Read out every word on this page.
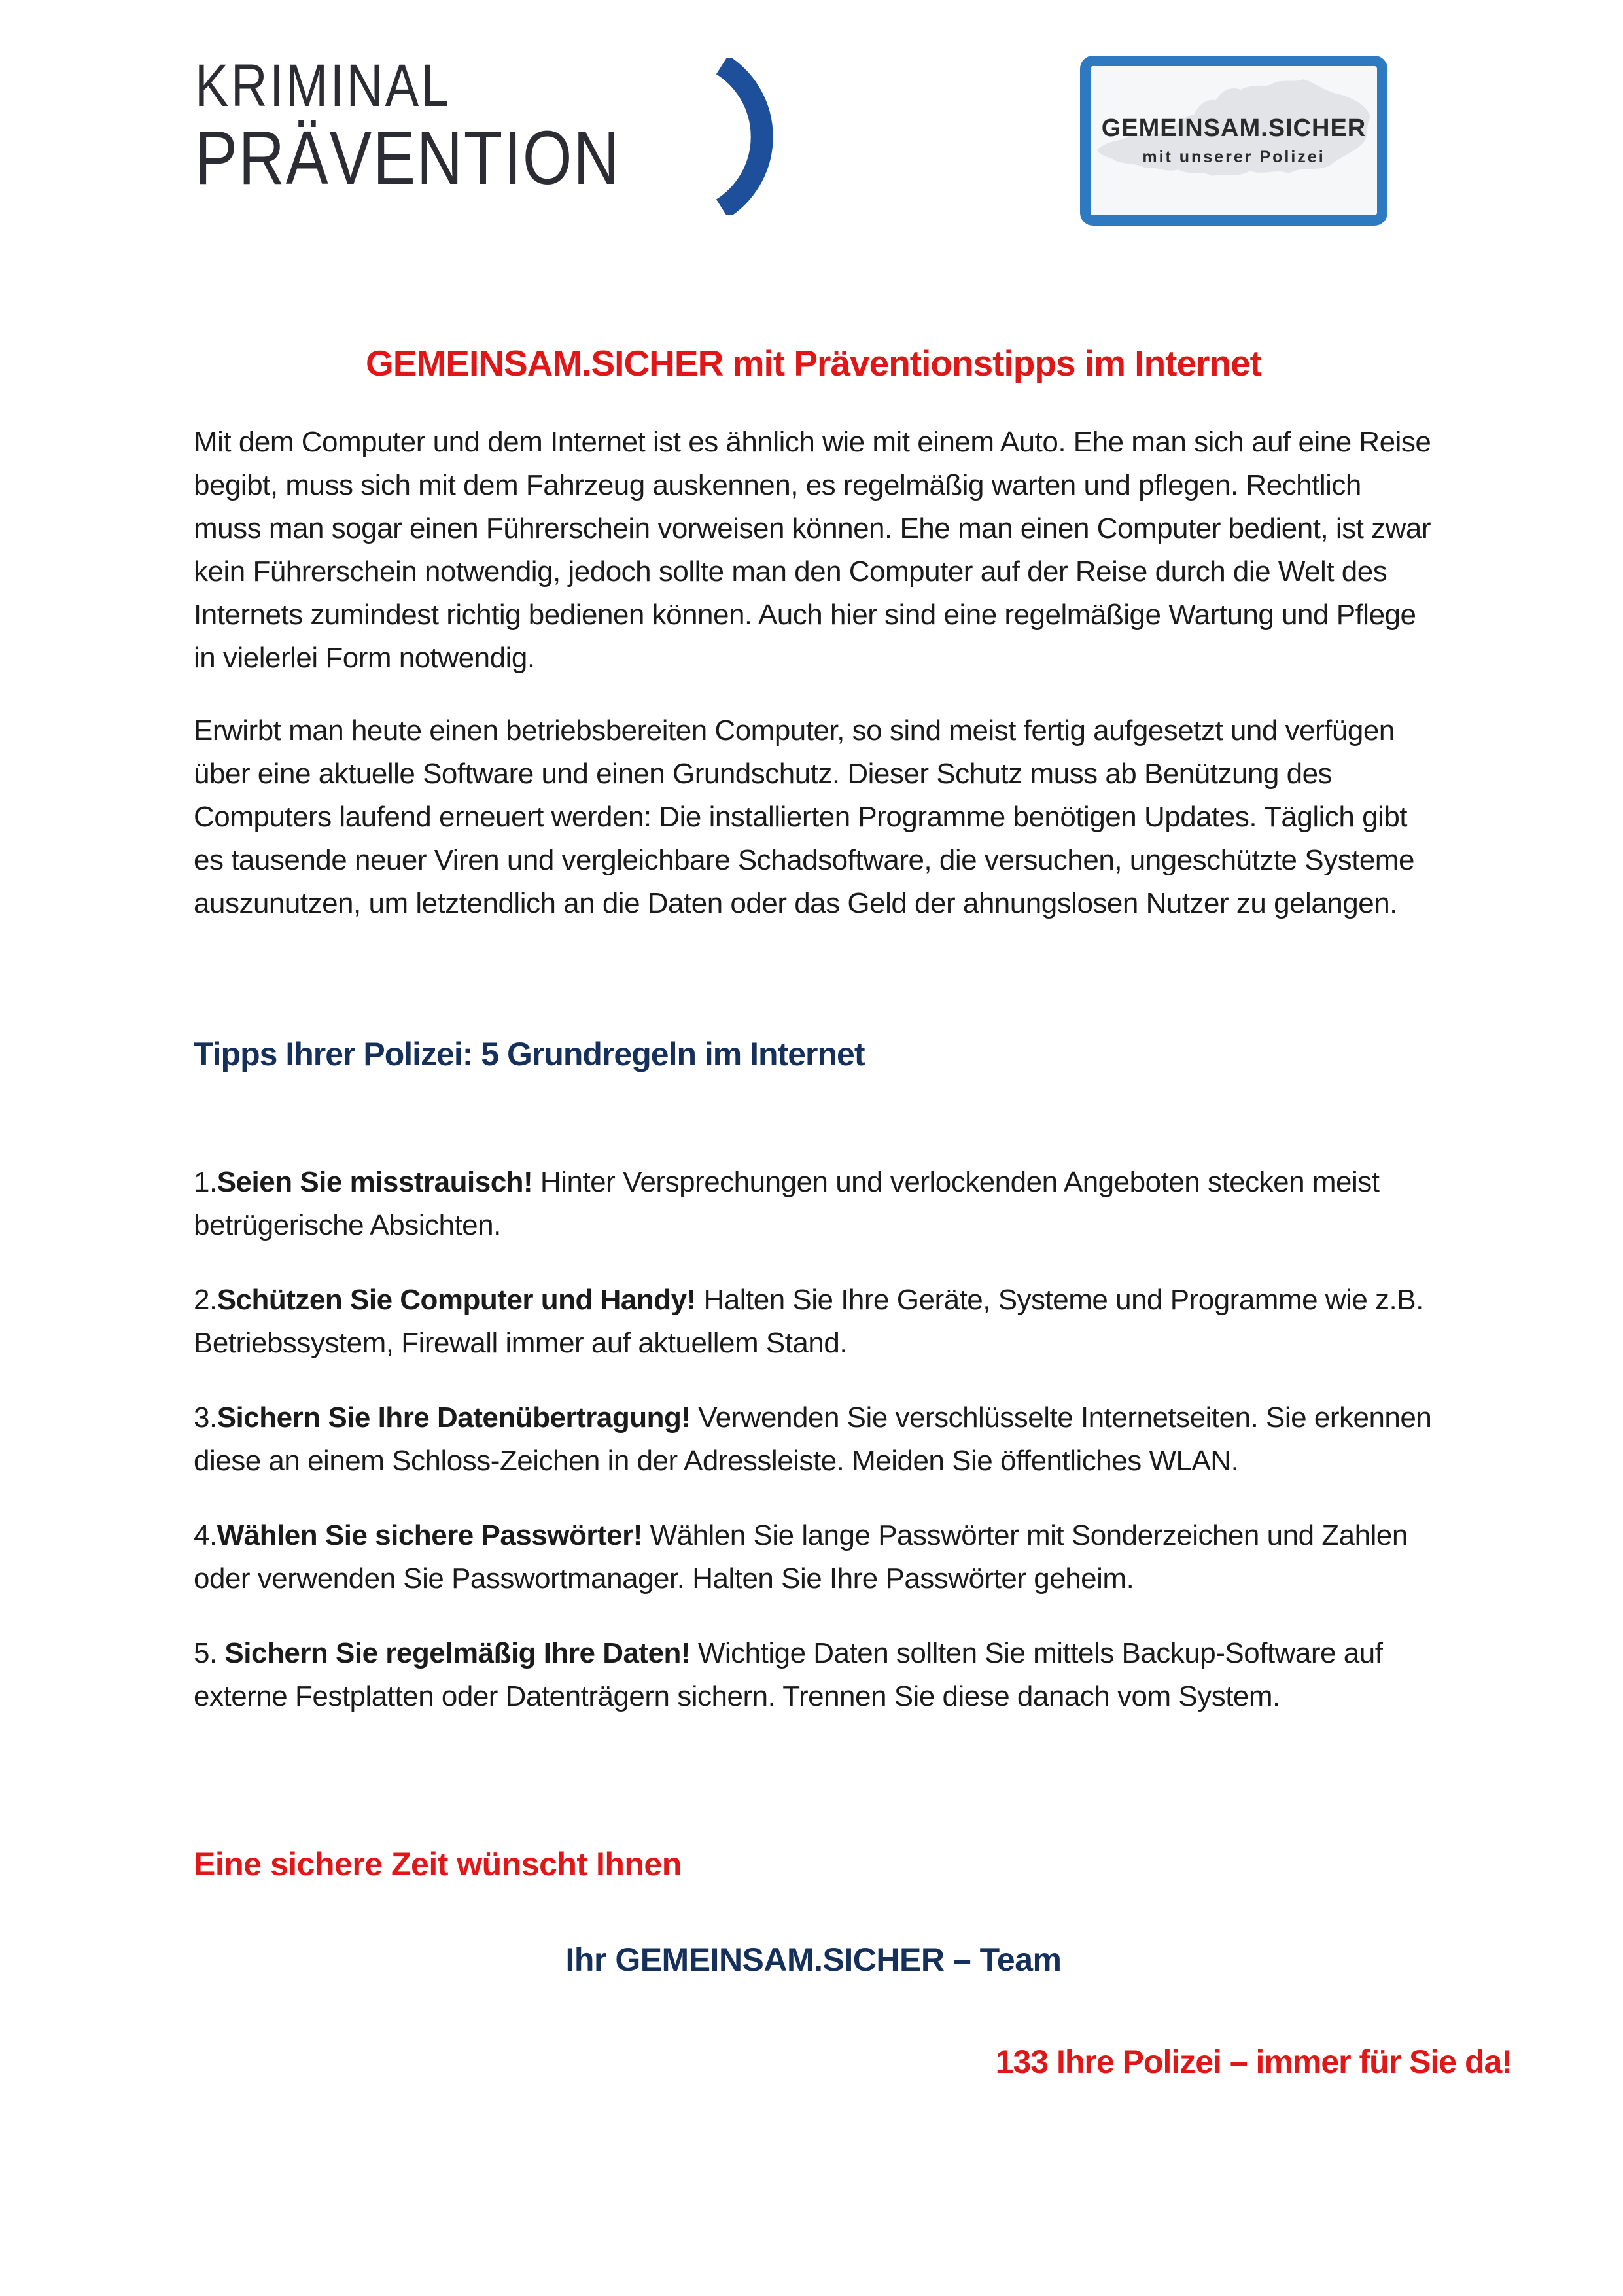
KRIMINAL
PRÄVENTION	GEMEINSAM.SICHER
mit unserer Polizei
GEMEINSAM.SICHER mit Präventionstipps im Internet

Mit dem Computer und dem Internet ist es ähnlich wie mit einem Auto. Ehe man sich auf eine Reise begibt, muss sich mit dem Fahrzeug auskennen, es regelmäßig warten und pflegen. Rechtlich muss man sogar einen Führerschein vorweisen können. Ehe man einen Computer bedient, ist zwar kein Führerschein notwendig, jedoch sollte man den Computer auf der Reise durch die Welt des Internets zumindest richtig bedienen können. Auch hier sind eine regelmäßige Wartung und Pflege in vielerlei Form notwendig.

Erwirbt man heute einen betriebsbereiten Computer, so sind meist fertig aufgesetzt und verfügen über eine aktuelle Software und einen Grundschutz. Dieser Schutz muss ab Benützung des Computers laufend erneuert werden: Die installierten Programme benötigen Updates. Täglich gibt es tausende neuer Viren und vergleichbare Schadsoftware, die versuchen, ungeschützte Systeme auszunutzen, um letztendlich an die Daten oder das Geld der ahnungslosen Nutzer zu gelangen.

Tipps Ihrer Polizei: 5 Grundregeln im Internet

1.Seien Sie misstrauisch! Hinter Versprechungen und verlockenden Angeboten stecken meist betrügerische Absichten.

2.Schützen Sie Computer und Handy! Halten Sie Ihre Geräte, Systeme und Programme wie z.B. Betriebssystem, Firewall immer auf aktuellem Stand.

3.Sichern Sie Ihre Datenübertragung! Verwenden Sie verschlüsselte Internetseiten. Sie erkennen diese an einem Schloss-Zeichen in der Adressleiste. Meiden Sie öffentliches WLAN.

4.Wählen Sie sichere Passwörter! Wählen Sie lange Passwörter mit Sonderzeichen und Zahlen oder verwenden Sie Passwortmanager. Halten Sie Ihre Passwörter geheim.

5. Sichern Sie regelmäßig Ihre Daten! Wichtige Daten sollten Sie mittels Backup-Software auf externe Festplatten oder Datenträgern sichern. Trennen Sie diese danach vom System.

Eine sichere Zeit wünscht Ihnen

Ihr GEMEINSAM.SICHER – Team

133 Ihre Polizei – immer für Sie da!
